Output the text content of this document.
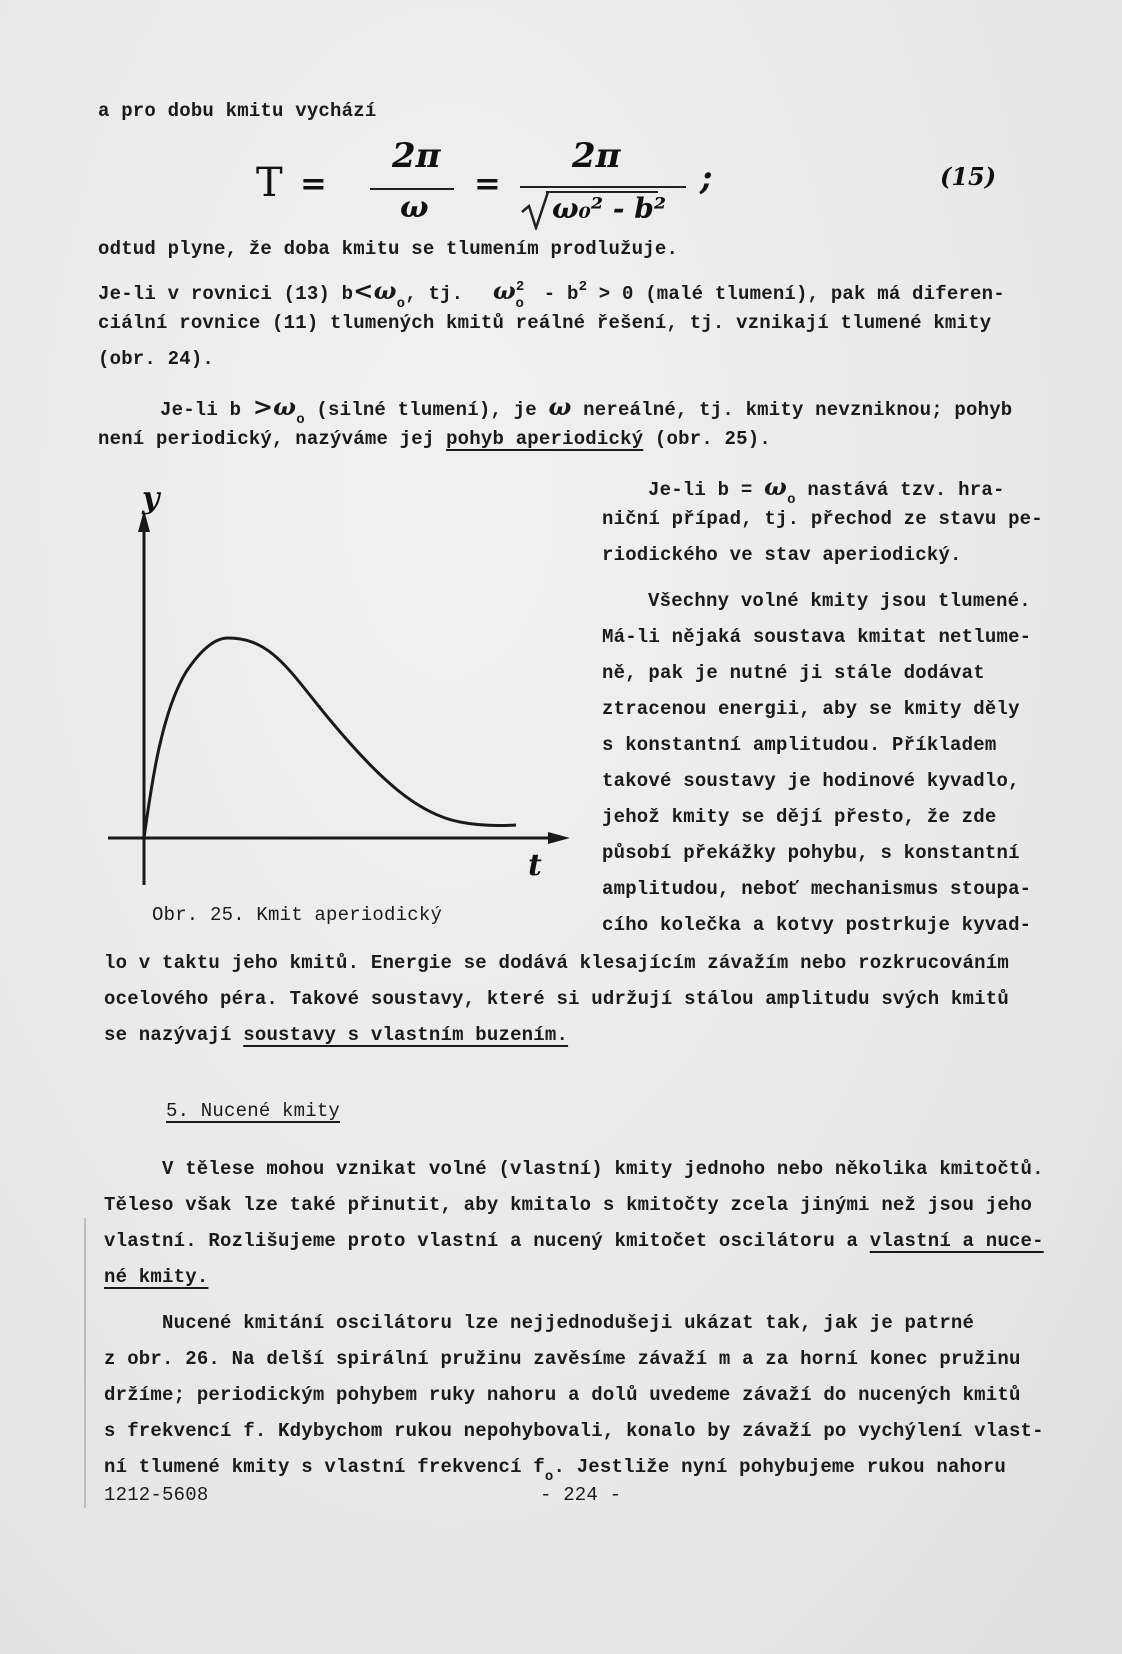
a pro dobu kmitu vychází
T =
2π
ω
=
2π
ω₀² - b²
;	(15)
odtud plyne, že doba kmitu se tlumením prodlužuje.
Je-li v rovnici (13) $b<\omega_o$, tj. $\omega^2_o - b^2 > 0$ (malé tlumení), pak má diferen-
ciální rovnice (11) tlumených kmitů reálné řešení, tj. vznikají tlumené kmity
(obr. 24).
Je-li $b >\omega_o$ (silné tlumení), je ω nereálné, tj. kmity nevzniknou; pohyb
není periodický, nazýváme jej pohyb aperiodický (obr. 25).
Je-li $b = \omega_o$ nastává tzv. hra-
niční případ, tj. přechod ze stavu pe-
riodického ve stav aperiodický.
Všechny volné kmity jsou tlumené.
Má-li nějaká soustava kmitat netlume-
ně, pak je nutné ji stále dodávat
ztracenou energii, aby se kmity děly
s konstantní amplitudou. Příkladem
takové soustavy je hodinové kyvadlo,
jehož kmity se dějí přesto, že zde
působí překážky pohybu, s konstantní
amplitudou, neboť mechanismus stoupa-
cího kolečka a kotvy postrkuje kyvad-
y
t
Obr. 25. Kmit aperiodický
lo v taktu jeho kmitů. Energie se dodává klesajícím závažím nebo rozkrucováním
ocelového péra. Takové soustavy, které si udržují stálou amplitudu svých kmitů
se nazývají soustavy s vlastním buzením.
5. Nucené kmity
V tělese mohou vznikat volné (vlastní) kmity jednoho nebo několika kmitočtů.
Těleso však lze také přinutit, aby kmitalo s kmitočty zcela jinými než jsou jeho
vlastní. Rozlišujeme proto vlastní a nucený kmitočet oscilátoru a vlastní a nuce-
né kmity.
Nucené kmitání oscilátoru lze nejjednodušeji ukázat tak, jak je patrné
z obr. 26. Na delší spirální pružinu zavěsíme závaží m a za horní konec pružinu
držíme; periodickým pohybem ruky nahoru a dolů uvedeme závaží do nucených kmitů
s frekvencí f. Kdybychom rukou nepohybovali, konalo by závaží po vychýlení vlast-
ní tlumené kmity s vlastní frekvencí $f_o$. Jestliže nyní pohybujeme rukou nahoru
1212-5608	- 224 -
